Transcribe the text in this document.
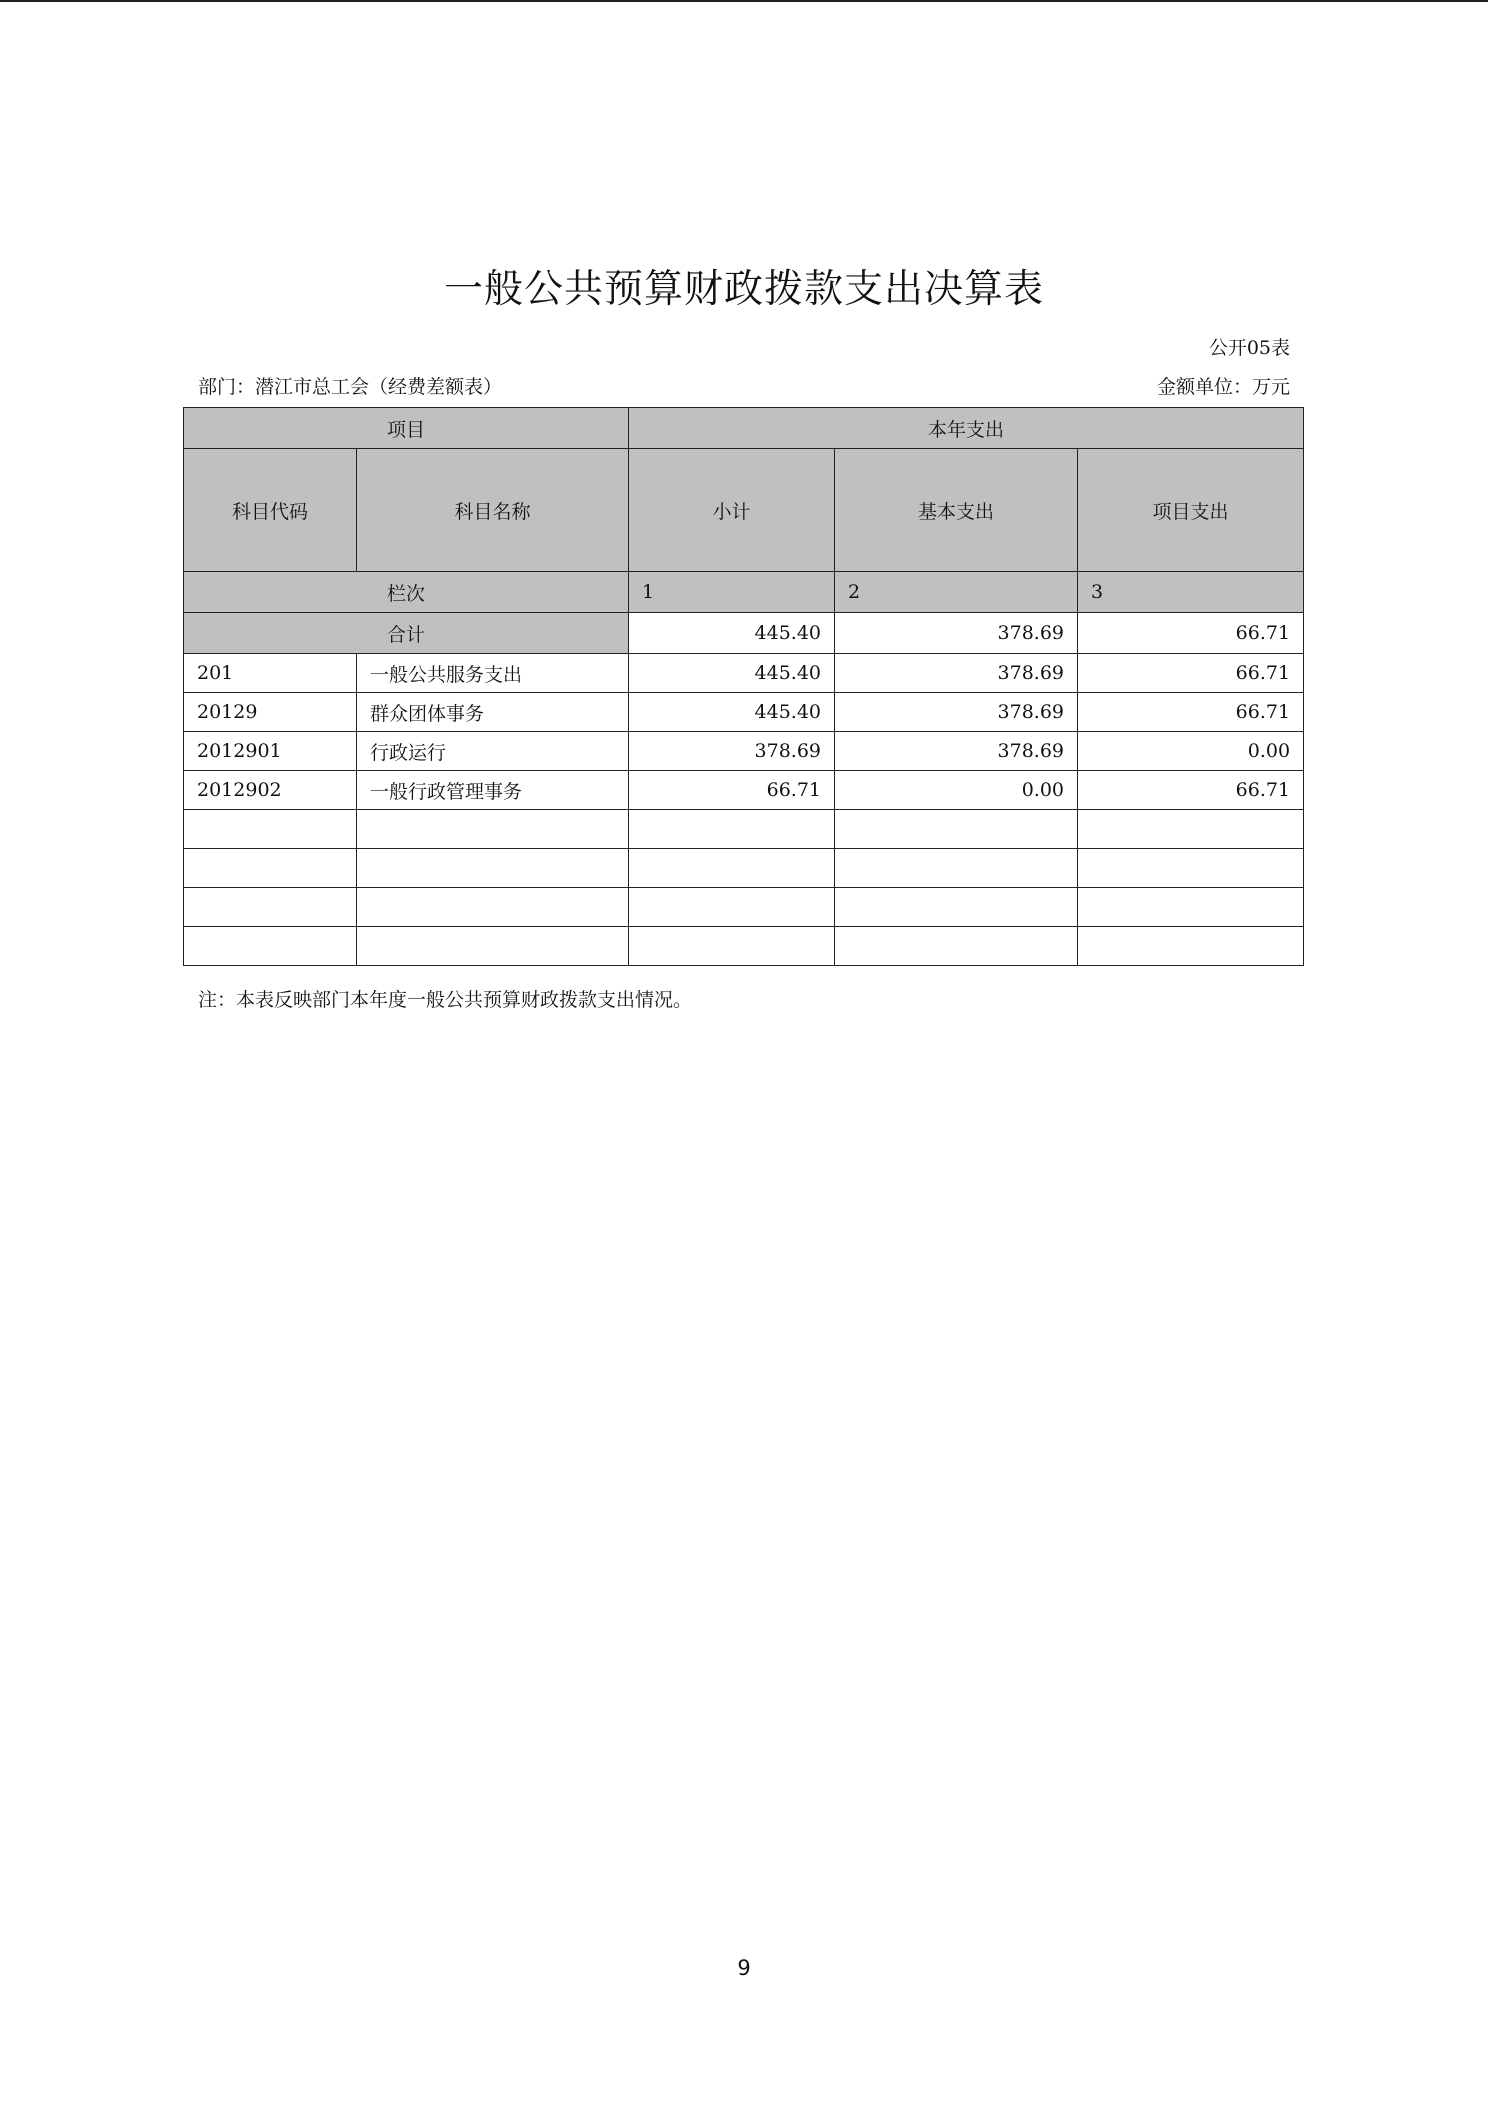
一般公共预算财政拨款支出决算表
公开05表
部门：潜江市总工会（经费差额表）	金额单位：万元
项目		本年支出		
科目代码	科目名称	小计	基本支出	项目支出
栏次		1	2	3
合计		445.40	378.69	66.71
201	一般公共服务支出	445.40	378.69	66.71
20129	群众团体事务	445.40	378.69	66.71
2012901	行政运行	378.69	378.69	0.00
2012902	一般行政管理事务	66.71	0.00	66.71

注：本表反映部门本年度一般公共预算财政拨款支出情况。
9
